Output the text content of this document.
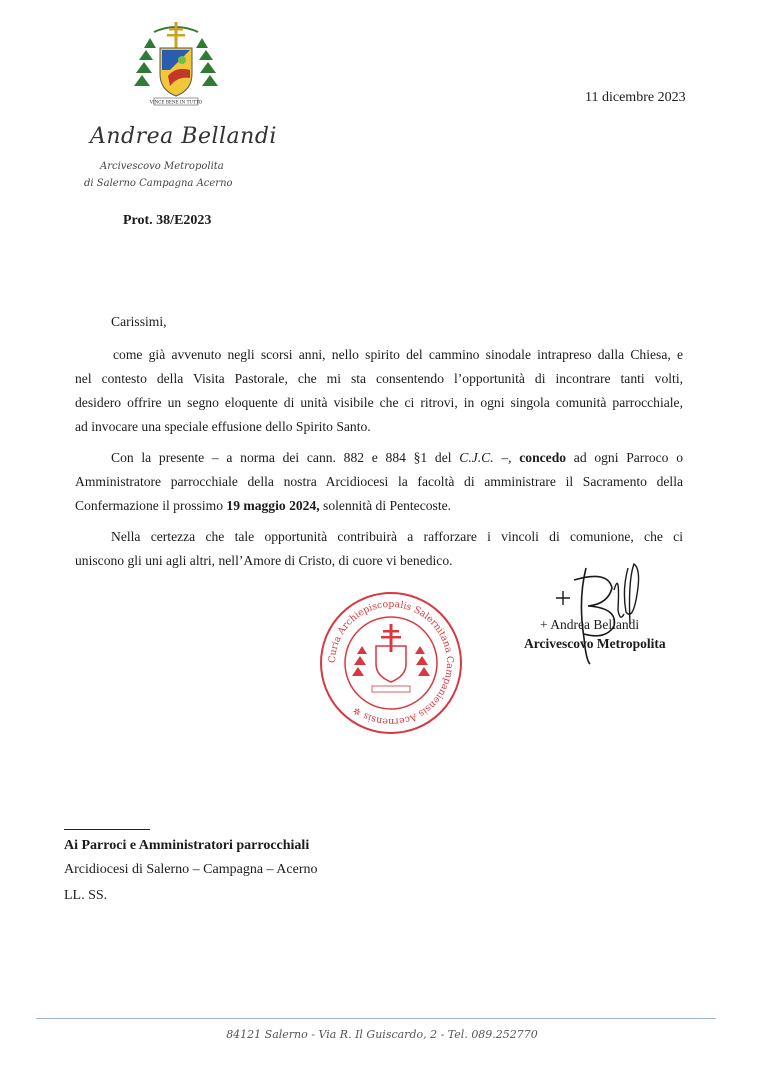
VINCE BENE IN TUTTO	11 dicembre 2023
Andrea Bellandi
Arcivescovo Metropolita
di Salerno Campagna Acerno
Prot. 38/E2023
Carissimi,
come già avvenuto negli scorsi anni, nello spirito del cammino sinodale intrapreso dalla Chiesa, e
nel contesto della Visita Pastorale, che mi sta consentendo l’opportunità di incontrare tanti volti,
desidero offrire un segno eloquente di unità visibile che ci ritrovi, in ogni singola comunità parrocchiale,
ad invocare una speciale effusione dello Spirito Santo.
Con la presente – a norma dei cann. 882 e 884 §1 del C.J.C. –, concedo ad ogni Parroco o
Amministratore parrocchiale della nostra Arcidiocesi la facoltà di amministrare il Sacramento della
Confermazione il prossimo 19 maggio 2024, solennità di Pentecoste.
Nella certezza che tale opportunità contribuirà a rafforzare i vincoli di comunione, che ci
uniscono gli uni agli altri, nell’Amore di Cristo, di cuore vi benedico.
Curia Archiepiscopalis Salernitana Campaniensis Acernensis ✲
+ Andrea Bellandi
Arcivescovo Metropolita
Ai Parroci e Amministratori parrocchiali
Arcidiocesi di Salerno – Campagna – Acerno
LL. SS.
84121 Salerno - Via R. Il Guiscardo, 2 - Tel. 089.252770
